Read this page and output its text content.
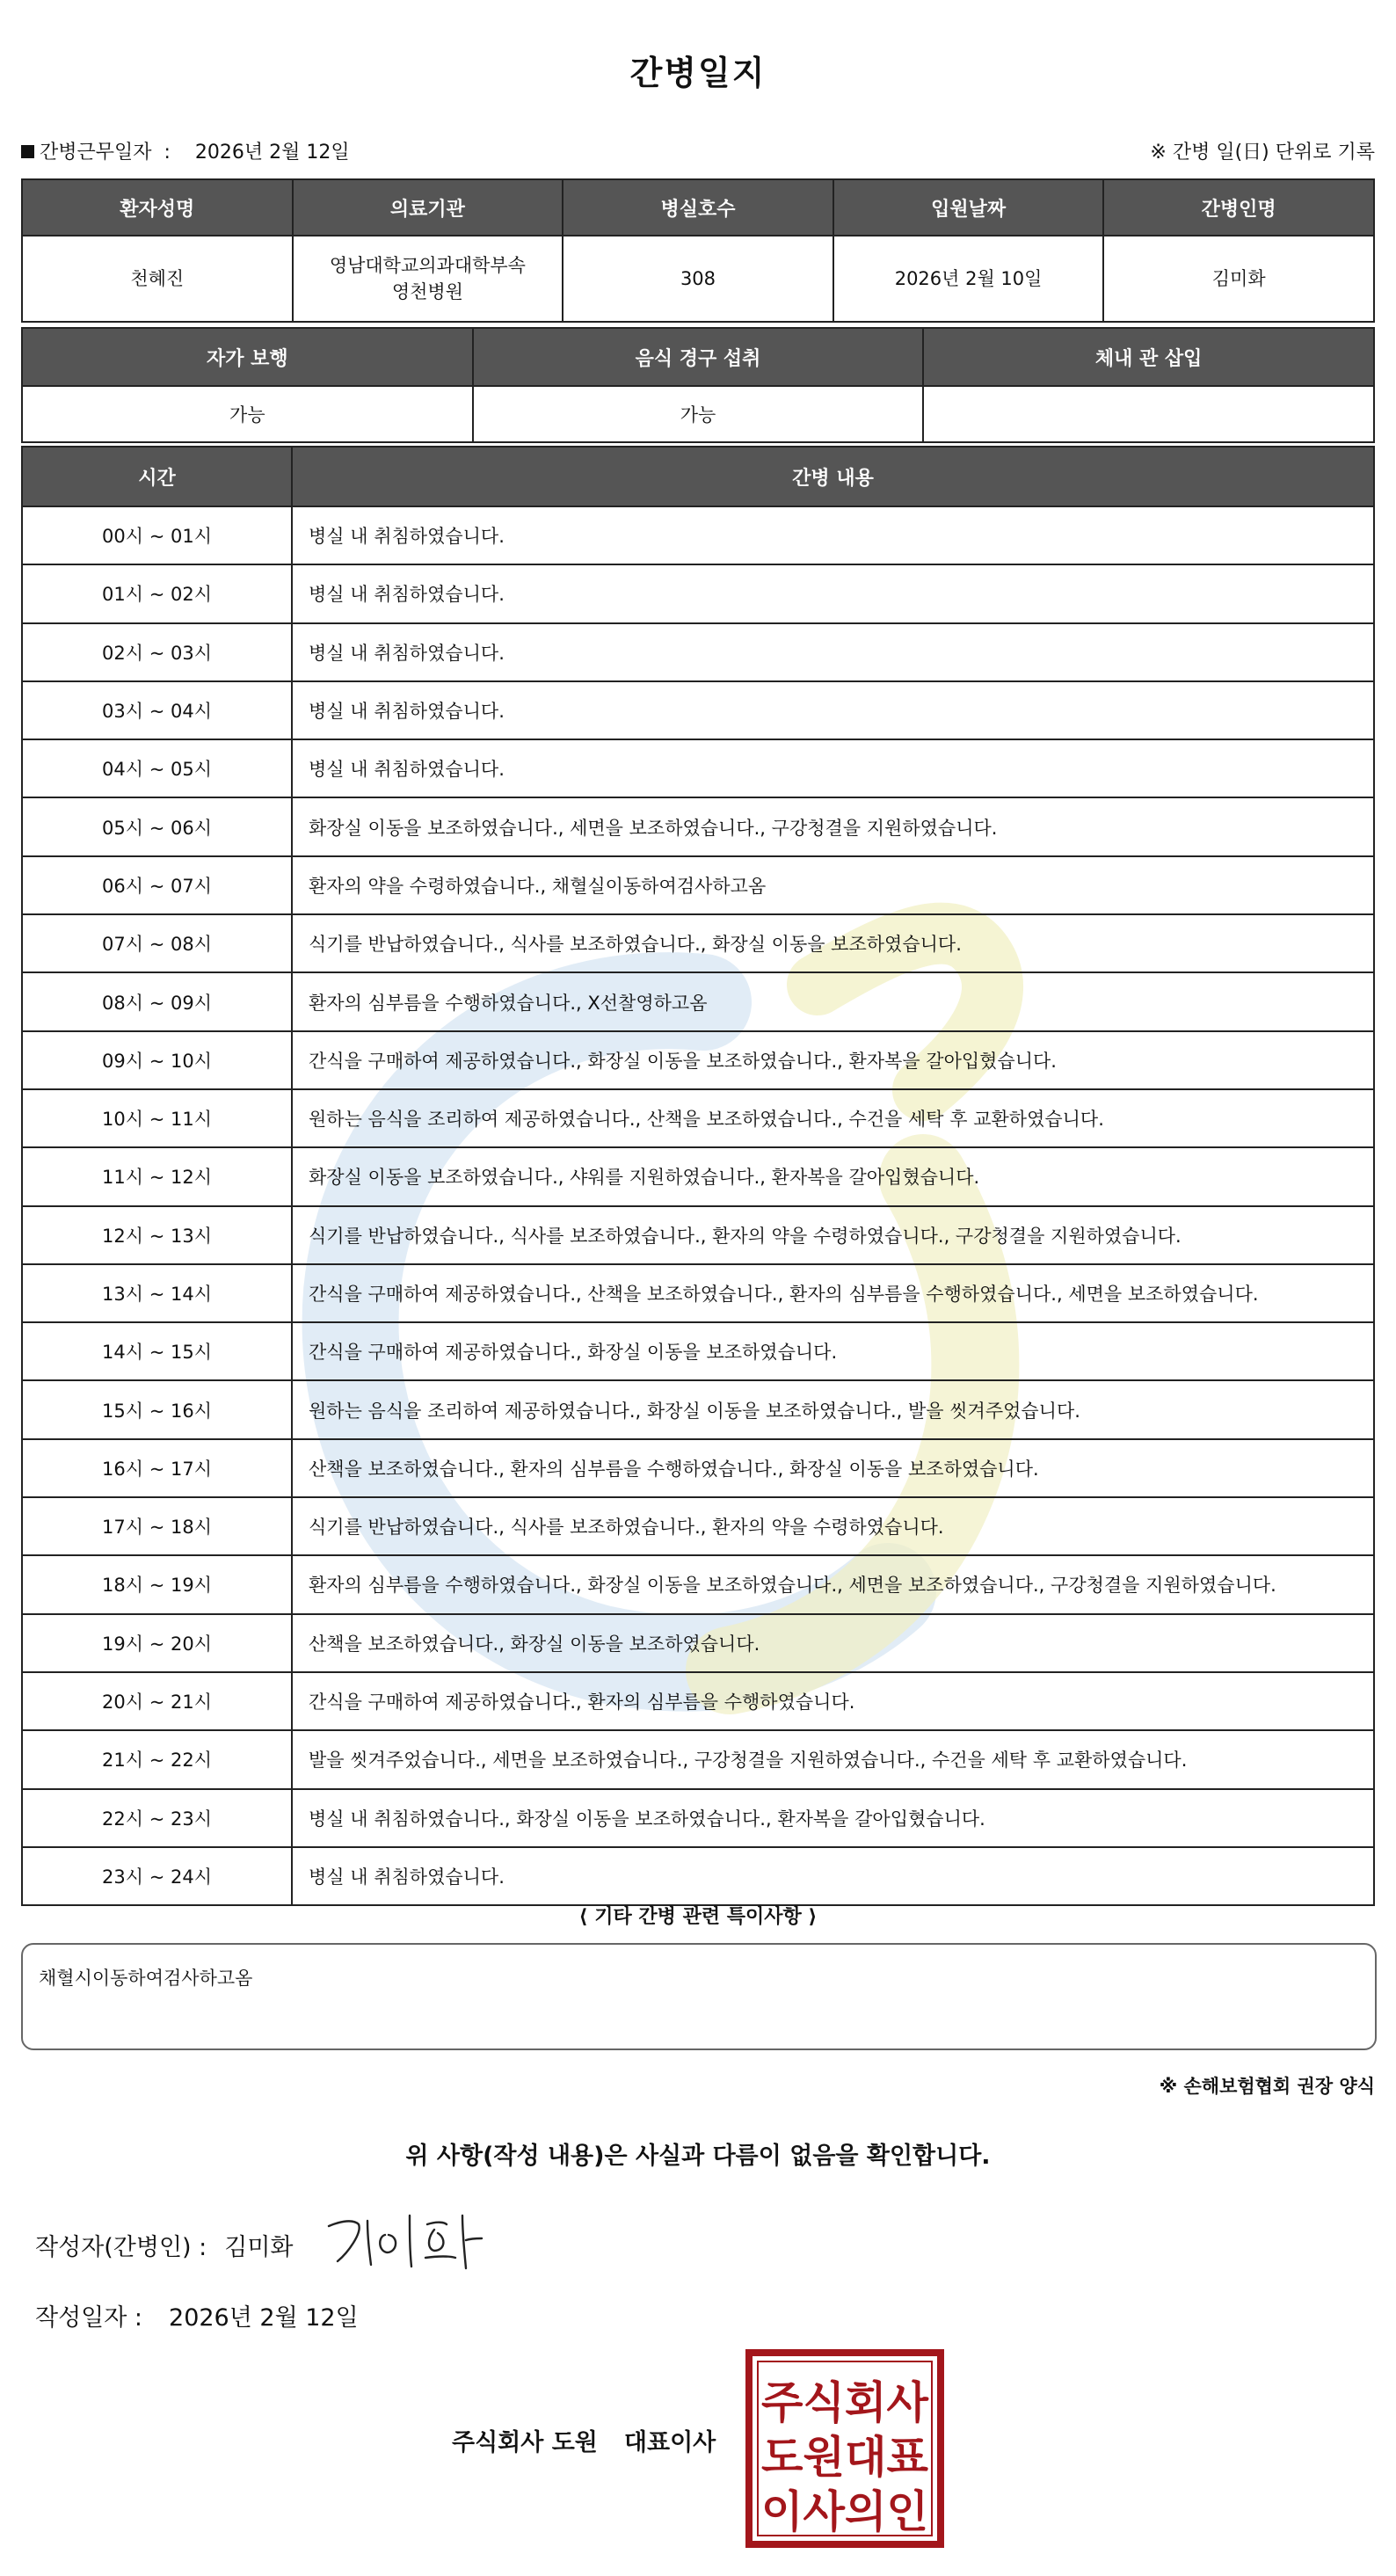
간병일지
간병근무일자 : 2026년 2월 12일	※ 간병 일(日) 단위로 기록
환자성명	의료기관	병실호수	입원날짜	간병인명
천혜진	영남대학교의과대학부속영천병원	308	2026년 2월 10일	김미화
자가 보행	음식 경구 섭취	체내 관 삽입
가능	가능	
시간	간병 내용
00시 ~ 01시	병실 내 취침하였습니다.
01시 ~ 02시	병실 내 취침하였습니다.
02시 ~ 03시	병실 내 취침하였습니다.
03시 ~ 04시	병실 내 취침하였습니다.
04시 ~ 05시	병실 내 취침하였습니다.
05시 ~ 06시	화장실 이동을 보조하였습니다., 세면을 보조하였습니다., 구강청결을 지원하였습니다.
06시 ~ 07시	환자의 약을 수령하였습니다., 채혈실이동하여검사하고옴
07시 ~ 08시	식기를 반납하였습니다., 식사를 보조하였습니다., 화장실 이동을 보조하였습니다.
08시 ~ 09시	환자의 심부름을 수행하였습니다., X선찰영하고옴
09시 ~ 10시	간식을 구매하여 제공하였습니다., 화장실 이동을 보조하였습니다., 환자복을 갈아입혔습니다.
10시 ~ 11시	원하는 음식을 조리하여 제공하였습니다., 산책을 보조하였습니다., 수건을 세탁 후 교환하였습니다.
11시 ~ 12시	화장실 이동을 보조하였습니다., 샤워를 지원하였습니다., 환자복을 갈아입혔습니다.
12시 ~ 13시	식기를 반납하였습니다., 식사를 보조하였습니다., 환자의 약을 수령하였습니다., 구강청결을 지원하였습니다.
13시 ~ 14시	간식을 구매하여 제공하였습니다., 산책을 보조하였습니다., 환자의 심부름을 수행하였습니다., 세면을 보조하였습니다.
14시 ~ 15시	간식을 구매하여 제공하였습니다., 화장실 이동을 보조하였습니다.
15시 ~ 16시	원하는 음식을 조리하여 제공하였습니다., 화장실 이동을 보조하였습니다., 발을 씻겨주었습니다.
16시 ~ 17시	산책을 보조하였습니다., 환자의 심부름을 수행하였습니다., 화장실 이동을 보조하였습니다.
17시 ~ 18시	식기를 반납하였습니다., 식사를 보조하였습니다., 환자의 약을 수령하였습니다.
18시 ~ 19시	환자의 심부름을 수행하였습니다., 화장실 이동을 보조하였습니다., 세면을 보조하였습니다., 구강청결을 지원하였습니다.
19시 ~ 20시	산책을 보조하였습니다., 화장실 이동을 보조하였습니다.
20시 ~ 21시	간식을 구매하여 제공하였습니다., 환자의 심부름을 수행하였습니다.
21시 ~ 22시	발을 씻겨주었습니다., 세면을 보조하였습니다., 구강청결을 지원하였습니다., 수건을 세탁 후 교환하였습니다.
22시 ~ 23시	병실 내 취침하였습니다., 화장실 이동을 보조하였습니다., 환자복을 갈아입혔습니다.
23시 ~ 24시	병실 내 취침하였습니다.
⟨ 기타 간병 관련 특이사항 ⟩
채혈시이동하여검사하고옴
※ 손해보험협회 권장 양식
위 사항(작성 내용)은 사실과 다름이 없음을 확인합니다.
작성자(간병인) : 김미화
작성일자 : 2026년 2월 12일
주식회사 도원 대표이사
주식회사
도원대표
이사의인
